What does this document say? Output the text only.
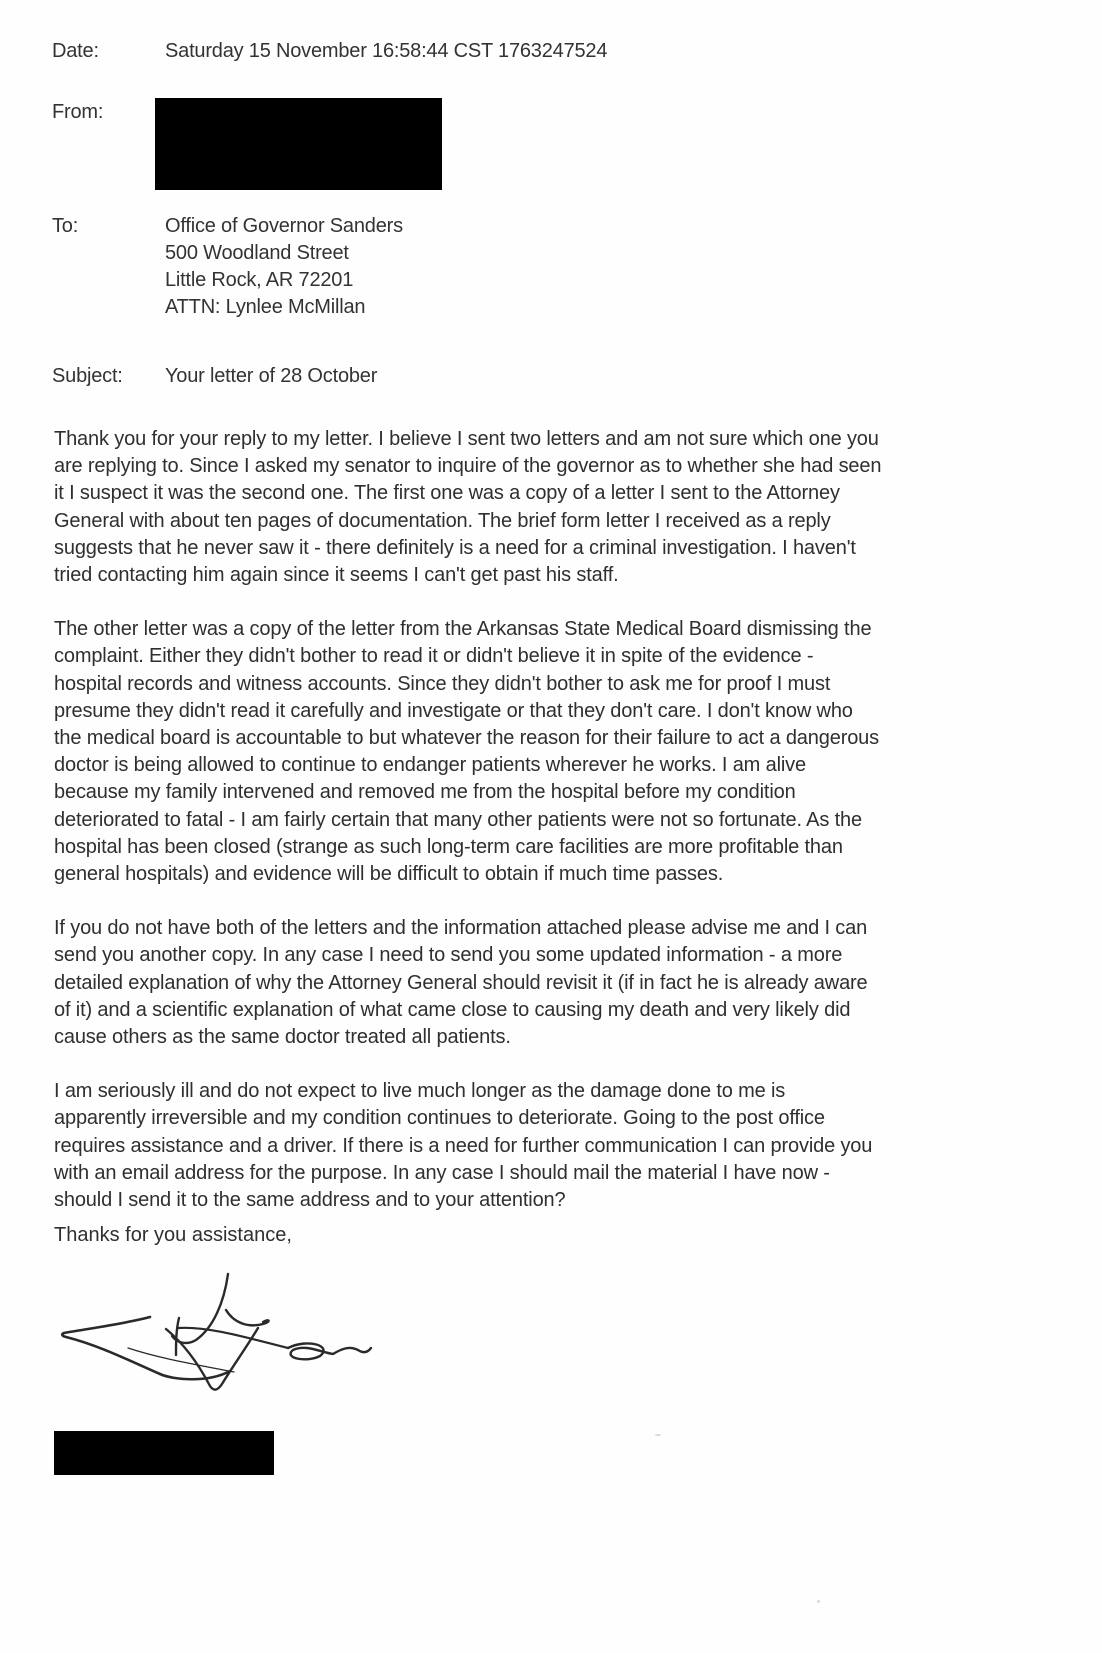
Date:	Saturday 15 November 16:58:44 CST 1763247524
From:
To:	Office of Governor Sanders
500 Woodland Street
Little Rock, AR 72201
ATTN: Lynlee McMillan
Subject: Your letter of 28 October
Thank you for your reply to my letter. I believe I sent two letters and am not sure which one you
are replying to. Since I asked my senator to inquire of the governor as to whether she had seen
it I suspect it was the second one. The first one was a copy of a letter I sent to the Attorney
General with about ten pages of documentation. The brief form letter I received as a reply
suggests that he never saw it - there definitely is a need for a criminal investigation. I haven't
tried contacting him again since it seems I can't get past his staff.
The other letter was a copy of the letter from the Arkansas State Medical Board dismissing the
complaint. Either they didn't bother to read it or didn't believe it in spite of the evidence -
hospital records and witness accounts. Since they didn't bother to ask me for proof I must
presume they didn't read it carefully and investigate or that they don't care. I don't know who
the medical board is accountable to but whatever the reason for their failure to act a dangerous
doctor is being allowed to continue to endanger patients wherever he works. I am alive
because my family intervened and removed me from the hospital before my condition
deteriorated to fatal - I am fairly certain that many other patients were not so fortunate. As the
hospital has been closed (strange as such long-term care facilities are more profitable than
general hospitals) and evidence will be difficult to obtain if much time passes.
If you do not have both of the letters and the information attached please advise me and I can
send you another copy. In any case I need to send you some updated information - a more
detailed explanation of why the Attorney General should revisit it (if in fact he is already aware
of it) and a scientific explanation of what came close to causing my death and very likely did
cause others as the same doctor treated all patients.
I am seriously ill and do not expect to live much longer as the damage done to me is
apparently irreversible and my condition continues to deteriorate. Going to the post office
requires assistance and a driver. If there is a need for further communication I can provide you
with an email address for the purpose. In any case I should mail the material I have now -
should I send it to the same address and to your attention?
Thanks for you assistance,
